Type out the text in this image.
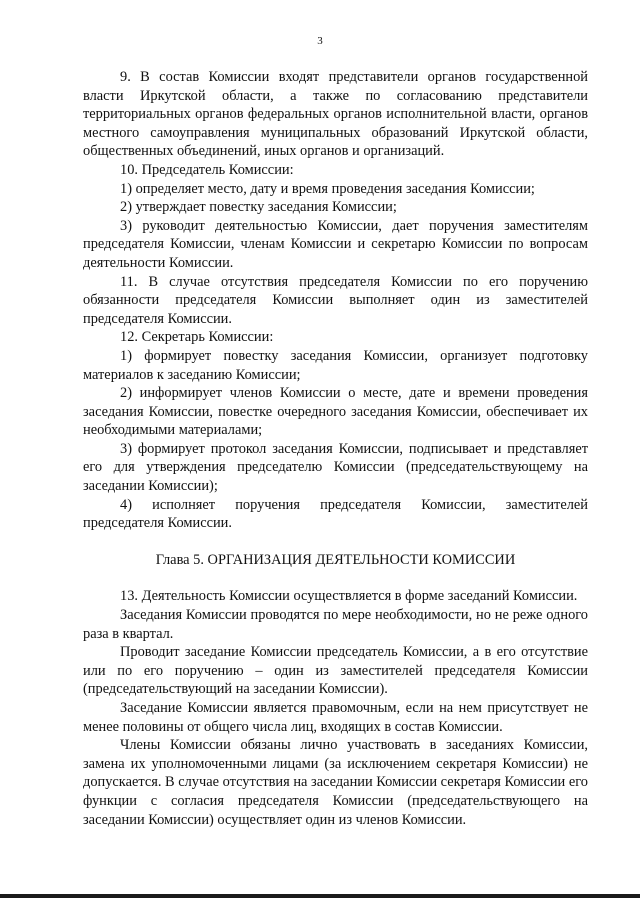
3

9. В состав Комиссии входят представители органов государственной власти Иркутской области, а также по согласованию представители территориальных органов федеральных органов исполнительной власти, органов местного самоуправления муниципальных образований Иркутской области, общественных объединений, иных органов и организаций.

10. Председатель Комиссии:

1) определяет место, дату и время проведения заседания Комиссии;

2) утверждает повестку заседания Комиссии;

3) руководит деятельностью Комиссии, дает поручения заместителям председателя Комиссии, членам Комиссии и секретарю Комиссии по вопросам деятельности Комиссии.

11. В случае отсутствия председателя Комиссии по его поручению обязанности председателя Комиссии выполняет один из заместителей председателя Комиссии.

12. Секретарь Комиссии:

1) формирует повестку заседания Комиссии, организует подготовку материалов к заседанию Комиссии;

2) информирует членов Комиссии о месте, дате и времени проведения заседания Комиссии, повестке очередного заседания Комиссии, обеспечивает их необходимыми материалами;

3) формирует протокол заседания Комиссии, подписывает и представляет его для утверждения председателю Комиссии (председательствующему на заседании Комиссии);

4) исполняет поручения председателя Комиссии, заместителей председателя Комиссии.

Глава 5. ОРГАНИЗАЦИЯ ДЕЯТЕЛЬНОСТИ КОМИССИИ

13. Деятельность Комиссии осуществляется в форме заседаний Комиссии.

Заседания Комиссии проводятся по мере необходимости, но не реже одного раза в квартал.

Проводит заседание Комиссии председатель Комиссии, а в его отсутствие или по его поручению – один из заместителей председателя Комиссии (председательствующий на заседании Комиссии).

Заседание Комиссии является правомочным, если на нем присутствует не менее половины от общего числа лиц, входящих в состав Комиссии.

Члены Комиссии обязаны лично участвовать в заседаниях Комиссии, замена их уполномоченными лицами (за исключением секретаря Комиссии) не допускается. В случае отсутствия на заседании Комиссии секретаря Комиссии его функции с согласия председателя Комиссии (председательствующего на заседании Комиссии) осуществляет один из членов Комиссии.
